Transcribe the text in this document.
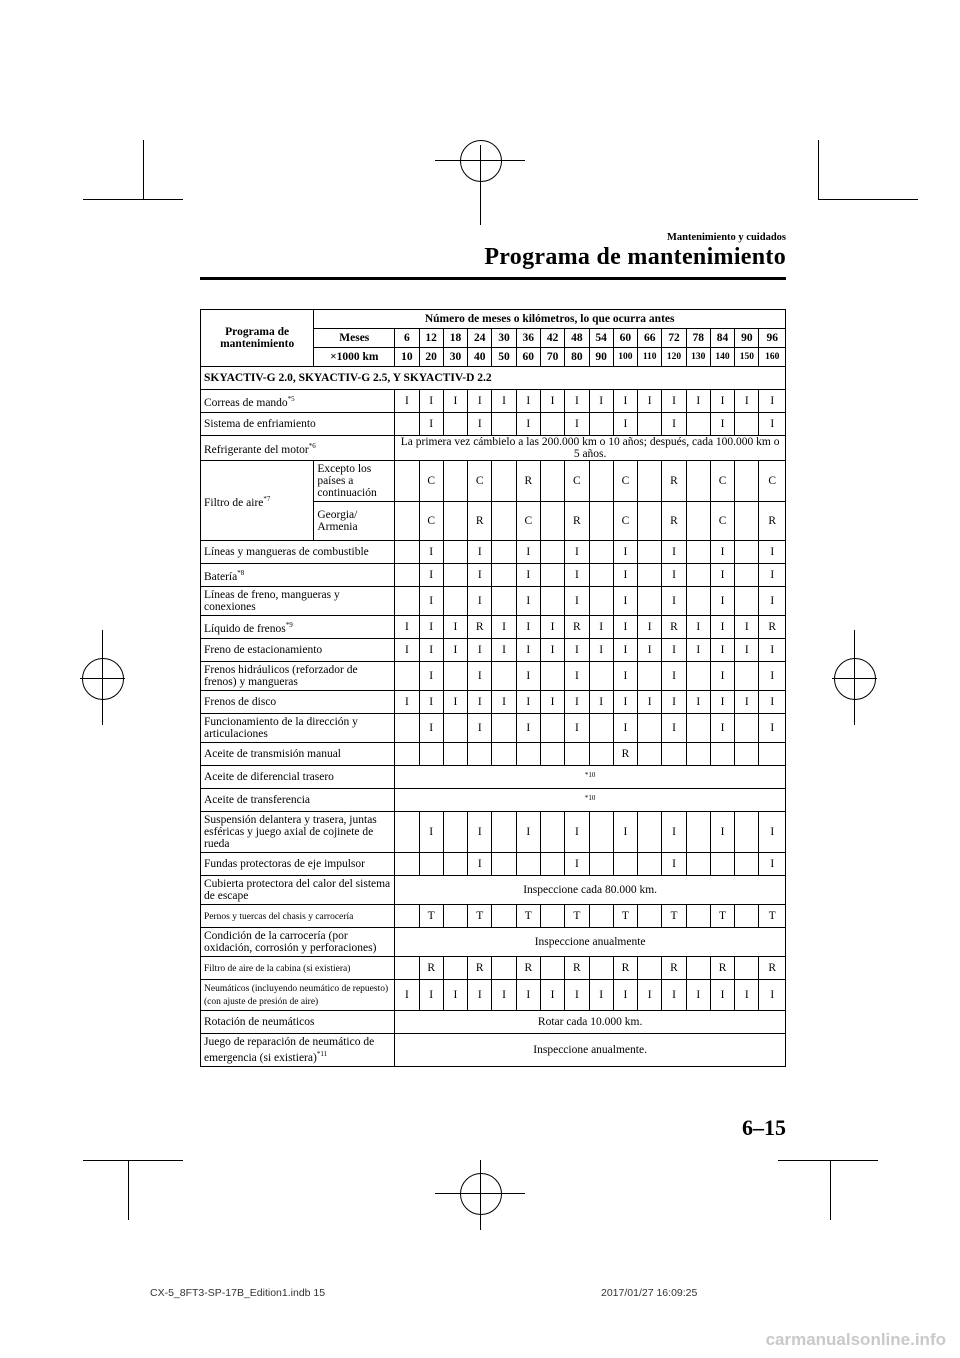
Mantenimiento y cuidados
Programa de mantenimiento
Programa de mantenimiento	Número de meses o kilómetros, lo que ocurra antes																
	Meses	6	12	18	24	30	36	42	48	54	60	66	72	78	84	90	96
	×1000 km	10	20	30	40	50	60	70	80	90	100	110	120	130	140	150	160
SKYACTIV-G 2.0, SKYACTIV-G 2.5, Y SKYACTIV-D 2.2																	
Correas de mando$^{*5}$		I	I	I	I	I	I	I	I	I	I	I	I	I	I	I	I
Sistema de enfriamiento			I		I		I		I		I		I		I		I
Refrigerante del motor$^{*6}$		La primera vez cámbielo a las 200.000 km o 10 años; después, cada 100.000 km o 5 años.															
Filtro de aire$^{*7}$	Excepto los países a continuación		C		C		R		C		C		R		C		C
	Georgia/ Armenia		C		R		C		R		C		R		C		R
Líneas y mangueras de combustible			I		I		I		I		I		I		I		I
Batería$^{*8}$			I		I		I		I		I		I		I		I
Líneas de freno, mangueras y conexiones			I		I		I		I		I		I		I		I
Líquido de frenos$^{*9}$		I	I	I	R	I	I	I	R	I	I	I	R	I	I	I	R
Freno de estacionamiento		I	I	I	I	I	I	I	I	I	I	I	I	I	I	I	I
Frenos hidráulicos (reforzador de frenos) y mangueras			I		I		I		I		I		I		I		I
Frenos de disco		I	I	I	I	I	I	I	I	I	I	I	I	I	I	I	I
Funcionamiento de la dirección y articulaciones			I		I		I		I		I		I		I		I
Aceite de transmisión manual											R						
Aceite de diferencial trasero		$^{*10}$
Aceite de transferencia		$^{*10}$
Suspensión delantera y trasera, juntas esféricas y juego axial de cojinete de rueda			I		I		I		I		I		I		I		I
Fundas protectoras de eje impulsor					I				I				I				I
Cubierta protectora del calor del sistema de escape		Inspeccione cada 80.000 km.															
Pernos y tuercas del chasis y carrocería			T		T		T		T		T		T		T		T
Condición de la carrocería (por oxidación, corrosión y perforaciones)		Inspeccione anualmente															
Filtro de aire de la cabina (si existiera)			R		R		R		R		R		R		R		R
Neumáticos (incluyendo neumático de repuesto) (con ajuste de presión de aire)		I	I	I	I	I	I	I	I	I	I	I	I	I	I	I	I
Rotación de neumáticos		Rotar cada 10.000 km.															
Juego de reparación de neumático de emergencia (si existiera)$^{*11}$		Inspeccione anualmente.															
6–15
CX-5_8FT3-SP-17B_Edition1.indb 15	2017/01/27 16:09:25
carmanualsonline.info
